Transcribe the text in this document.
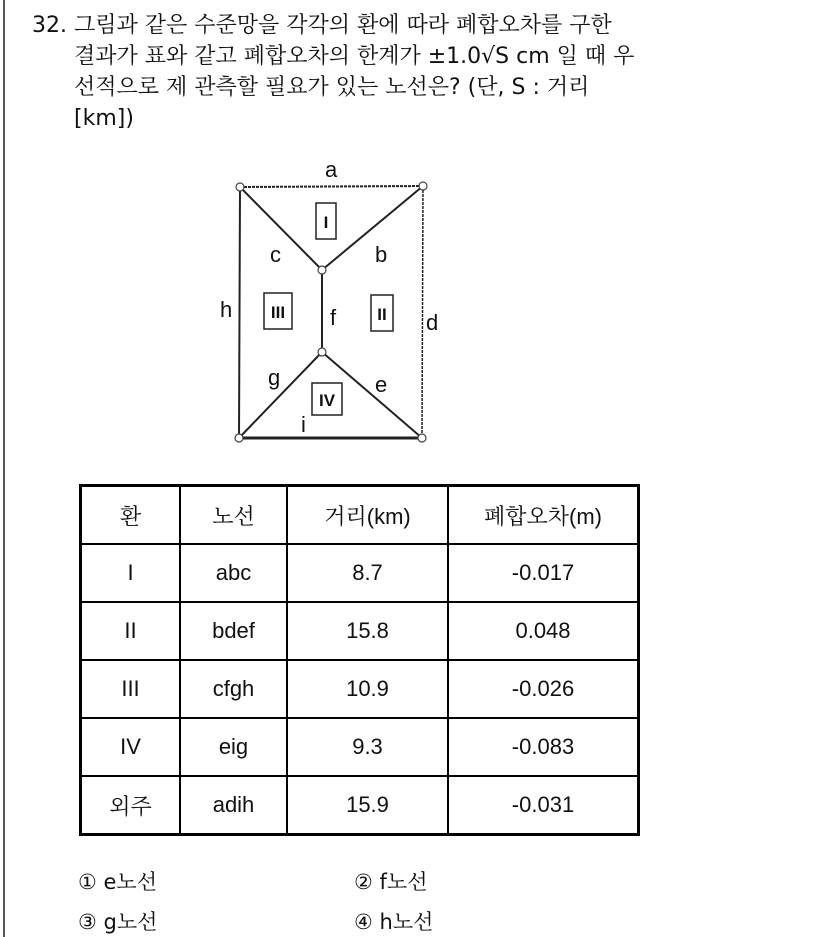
32. 그림과 같은 수준망을 각각의 환에 따라 폐합오차를 구한
결과가 표와 같고 폐합오차의 한계가 ±1.0√S cm 일 때 우
선적으로 제 관측할 필요가 있는 노선은? (단, S : 거리
[km])
a
b
c
d
e
f
g
h
i
I
II
III
IV
환	노선	거리(km)	폐합오차(m)
I	abc	8.7	-0.017
II	bdef	15.8	0.048
III	cfgh	10.9	-0.026
IV	eig	9.3	-0.083
외주	adih	15.9	-0.031
① e노선	② f노선
③ g노선	④ h노선
